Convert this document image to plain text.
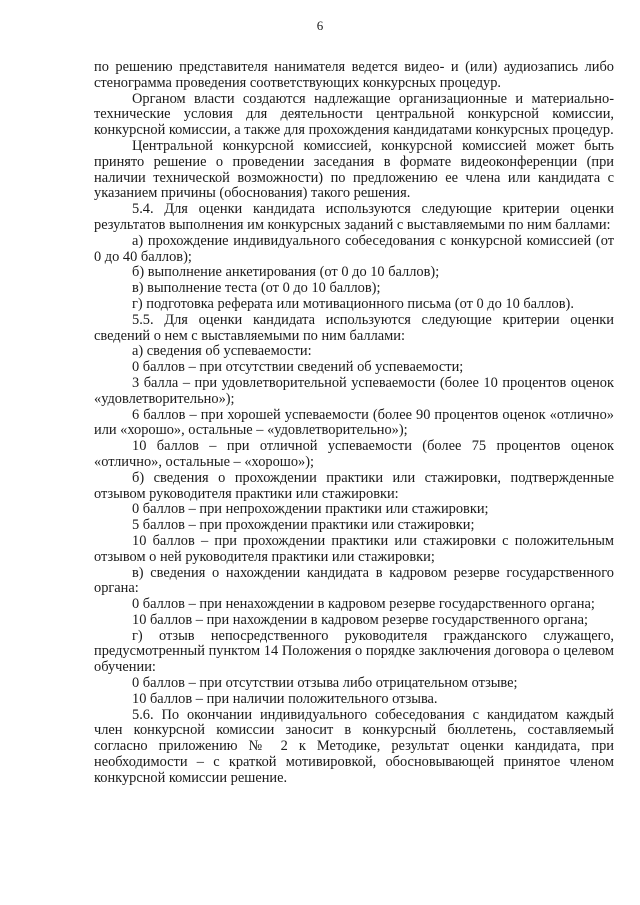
6

по решению представителя нанимателя ведется видео- и (или) аудиозапись либо стенограмма проведения соответствующих конкурсных процедур.

Органом власти создаются надлежащие организационные и материально-технические условия для деятельности центральной конкурсной комиссии, конкурсной комиссии, а также для прохождения кандидатами конкурсных процедур.

Центральной конкурсной комиссией, конкурсной комиссией может быть принято решение о проведении заседания в формате видеоконференции (при наличии технической возможности) по предложению ее члена или кандидата с указанием причины (обоснования) такого решения.

5.4. Для оценки кандидата используются следующие критерии оценки результатов выполнения им конкурсных заданий с выставляемыми по ним баллами:

а) прохождение индивидуального собеседования с конкурсной комиссией (от 0 до 40 баллов);

б) выполнение анкетирования (от 0 до 10 баллов);

в) выполнение теста (от 0 до 10 баллов);

г) подготовка реферата или мотивационного письма (от 0 до 10 баллов).

5.5. Для оценки кандидата используются следующие критерии оценки сведений о нем с выставляемыми по ним баллами:

а) сведения об успеваемости:

0 баллов – при отсутствии сведений об успеваемости;

3 балла – при удовлетворительной успеваемости (более 10 процентов оценок «удовлетворительно»);

6 баллов – при хорошей успеваемости (более 90 процентов оценок «отлично» или «хорошо», остальные – «удовлетворительно»);

10 баллов – при отличной успеваемости (более 75 процентов оценок «отлично», остальные – «хорошо»);

б) сведения о прохождении практики или стажировки, подтвержденные отзывом руководителя практики или стажировки:

0 баллов – при непрохождении практики или стажировки;

5 баллов – при прохождении практики или стажировки;

10 баллов – при прохождении практики или стажировки с положительным отзывом о ней руководителя практики или стажировки;

в) сведения о нахождении кандидата в кадровом резерве государственного органа:

0 баллов – при ненахождении в кадровом резерве государственного органа;

10 баллов – при нахождении в кадровом резерве государственного органа;

г) отзыв непосредственного руководителя гражданского служащего, предусмотренный пунктом 14 Положения о порядке заключения договора о целевом обучении:

0 баллов – при отсутствии отзыва либо отрицательном отзыве;

10 баллов – при наличии положительного отзыва.

5.6. По окончании индивидуального собеседования с кандидатом каждый член конкурсной комиссии заносит в конкурсный бюллетень, составляемый согласно приложению № 2 к Методике, результат оценки кандидата, при необходимости – с краткой мотивировкой, обосновывающей принятое членом конкурсной комиссии решение.
